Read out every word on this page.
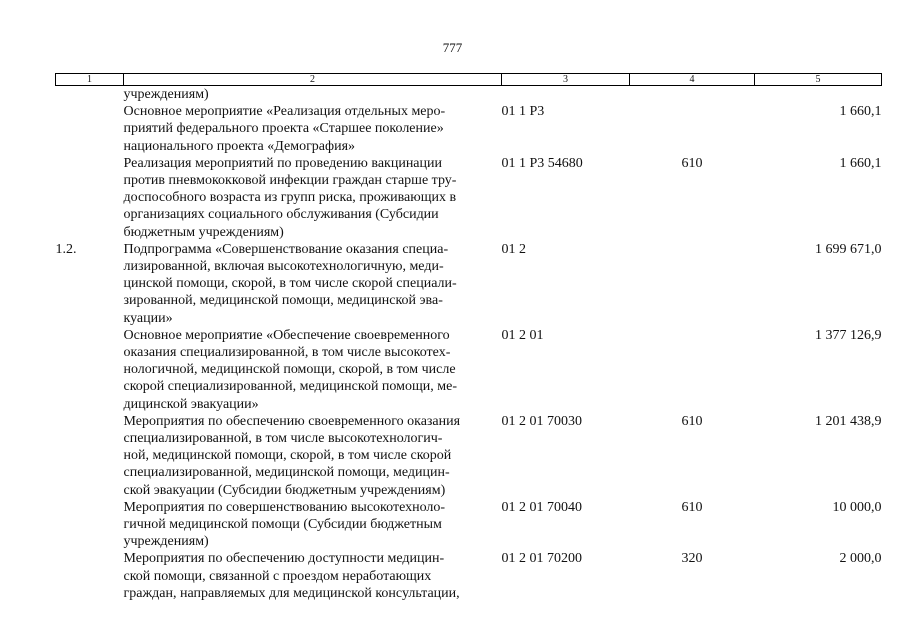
777
1	2	3	4	5
	учреждениям)			
	Основное мероприятие «Реализация отдельных меро-
приятий федерального проекта «Старшее поколение»
национального проекта «Демография»	01 1 P3		1 660,1
	Реализация мероприятий по проведению вакцинации
против пневмококковой инфекции граждан старше тру-
доспособного возраста из групп риска, проживающих в
организациях социального обслуживания (Субсидии
бюджетным учреждениям)	01 1 P3 54680	610	1 660,1
1.2.	Подпрограмма «Совершенствование оказания специа-
лизированной, включая высокотехнологичную, меди-
цинской помощи, скорой, в том числе скорой специали-
зированной, медицинской помощи, медицинской эва-
куации»	01 2		1 699 671,0
	Основное мероприятие «Обеспечение своевременного
оказания специализированной, в том числе высокотех-
нологичной, медицинской помощи, скорой, в том числе
скорой специализированной, медицинской помощи, ме-
дицинской эвакуации»	01 2 01		1 377 126,9
	Мероприятия по обеспечению своевременного оказания
специализированной, в том числе высокотехнологич-
ной, медицинской помощи, скорой, в том числе скорой
специализированной, медицинской помощи, медицин-
ской эвакуации (Субсидии бюджетным учреждениям)	01 2 01 70030	610	1 201 438,9
	Мероприятия по совершенствованию высокотехноло-
гичной медицинской помощи (Субсидии бюджетным
учреждениям)	01 2 01 70040	610	10 000,0
	Мероприятия по обеспечению доступности медицин-
ской помощи, связанной с проездом неработающих
граждан, направляемых для медицинской консультации,	01 2 01 70200	320	2 000,0
